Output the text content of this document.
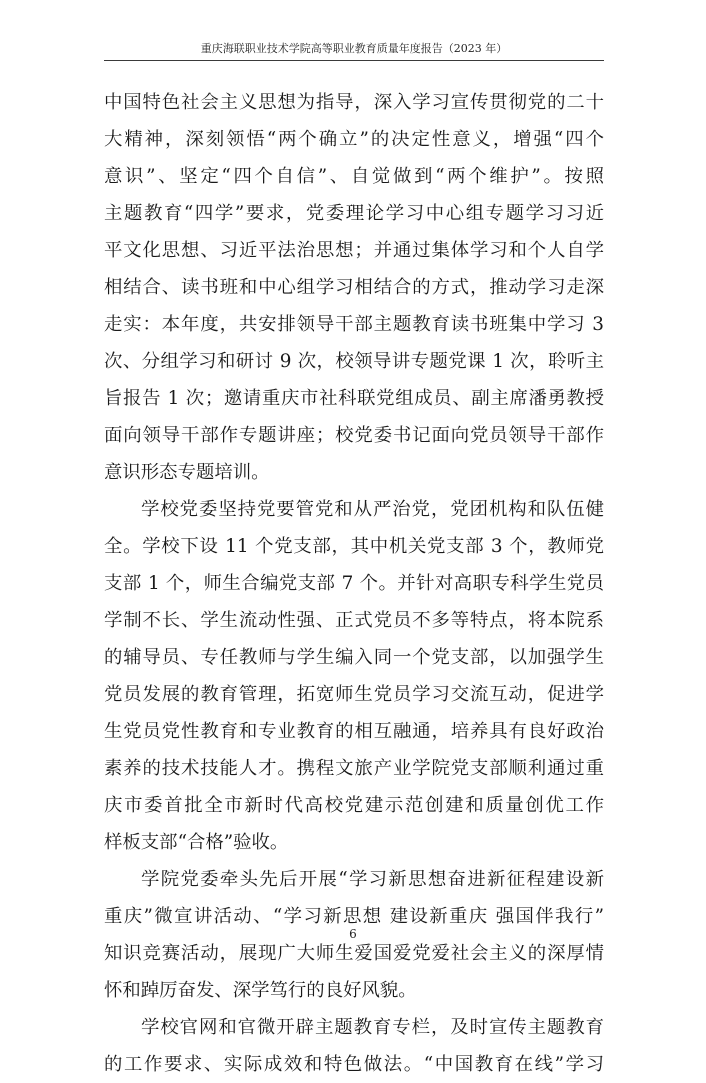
重庆海联职业技术学院高等职业教育质量年度报告（2023 年）
中国特色社会主义思想为指导，深入学习宣传贯彻党的二十
大精神，深刻领悟“两个确立”的决定性意义，增强“四个
意识”、坚定“四个自信”、自觉做到“两个维护”。按照
主题教育“四学”要求，党委理论学习中心组专题学习习近
平文化思想、习近平法治思想；并通过集体学习和个人自学
相结合、读书班和中心组学习相结合的方式，推动学习走深
走实：本年度，共安排领导干部主题教育读书班集中学习 3
次、分组学习和研讨 9 次，校领导讲专题党课 1 次，聆听主
旨报告 1 次；邀请重庆市社科联党组成员、副主席潘勇教授
面向领导干部作专题讲座；校党委书记面向党员领导干部作
意识形态专题培训。
学校党委坚持党要管党和从严治党，党团机构和队伍健
全。学校下设 11 个党支部，其中机关党支部 3 个，教师党
支部 1 个，师生合编党支部 7 个。并针对高职专科学生党员
学制不长、学生流动性强、正式党员不多等特点，将本院系
的辅导员、专任教师与学生编入同一个党支部，以加强学生
党员发展的教育管理，拓宽师生党员学习交流互动，促进学
生党员党性教育和专业教育的相互融通，培养具有良好政治
素养的技术技能人才。携程文旅产业学院党支部顺利通过重
庆市委首批全市新时代高校党建示范创建和质量创优工作
样板支部“合格”验收。
学院党委牵头先后开展“学习新思想奋进新征程建设新
重庆”微宣讲活动、“学习新思想 建设新重庆 强国伴我行”
知识竞赛活动，展现广大师生爱国爱党爱社会主义的深厚情
怀和踔厉奋发、深学笃行的良好风貌。
学校官网和官微开辟主题教育专栏，及时宣传主题教育
的工作要求、实际成效和特色做法。“中国教育在线”学习
6
